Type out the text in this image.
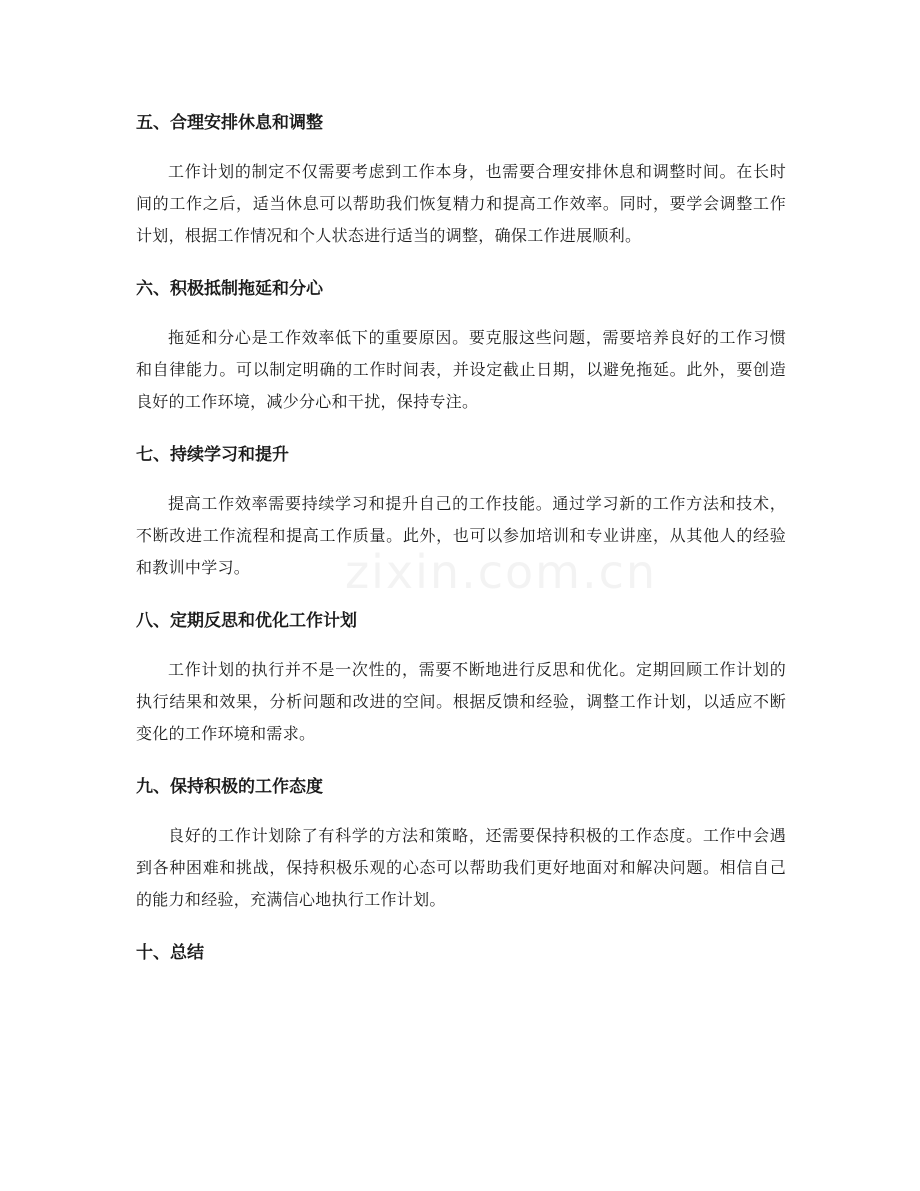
五、合理安排休息和调整

工作计划的制定不仅需要考虑到工作本身，也需要合理安排休息和调整时间。在长时间的工作之后，适当休息可以帮助我们恢复精力和提高工作效率。同时，要学会调整工作计划，根据工作情况和个人状态进行适当的调整，确保工作进展顺利。

六、积极抵制拖延和分心

拖延和分心是工作效率低下的重要原因。要克服这些问题，需要培养良好的工作习惯和自律能力。可以制定明确的工作时间表，并设定截止日期，以避免拖延。此外，要创造良好的工作环境，减少分心和干扰，保持专注。

七、持续学习和提升

提高工作效率需要持续学习和提升自己的工作技能。通过学习新的工作方法和技术，不断改进工作流程和提高工作质量。此外，也可以参加培训和专业讲座，从其他人的经验和教训中学习。

八、定期反思和优化工作计划

工作计划的执行并不是一次性的，需要不断地进行反思和优化。定期回顾工作计划的执行结果和效果，分析问题和改进的空间。根据反馈和经验，调整工作计划，以适应不断变化的工作环境和需求。

九、保持积极的工作态度

良好的工作计划除了有科学的方法和策略，还需要保持积极的工作态度。工作中会遇到各种困难和挑战，保持积极乐观的心态可以帮助我们更好地面对和解决问题。相信自己的能力和经验，充满信心地执行工作计划。

十、总结
zixin.com.cn
